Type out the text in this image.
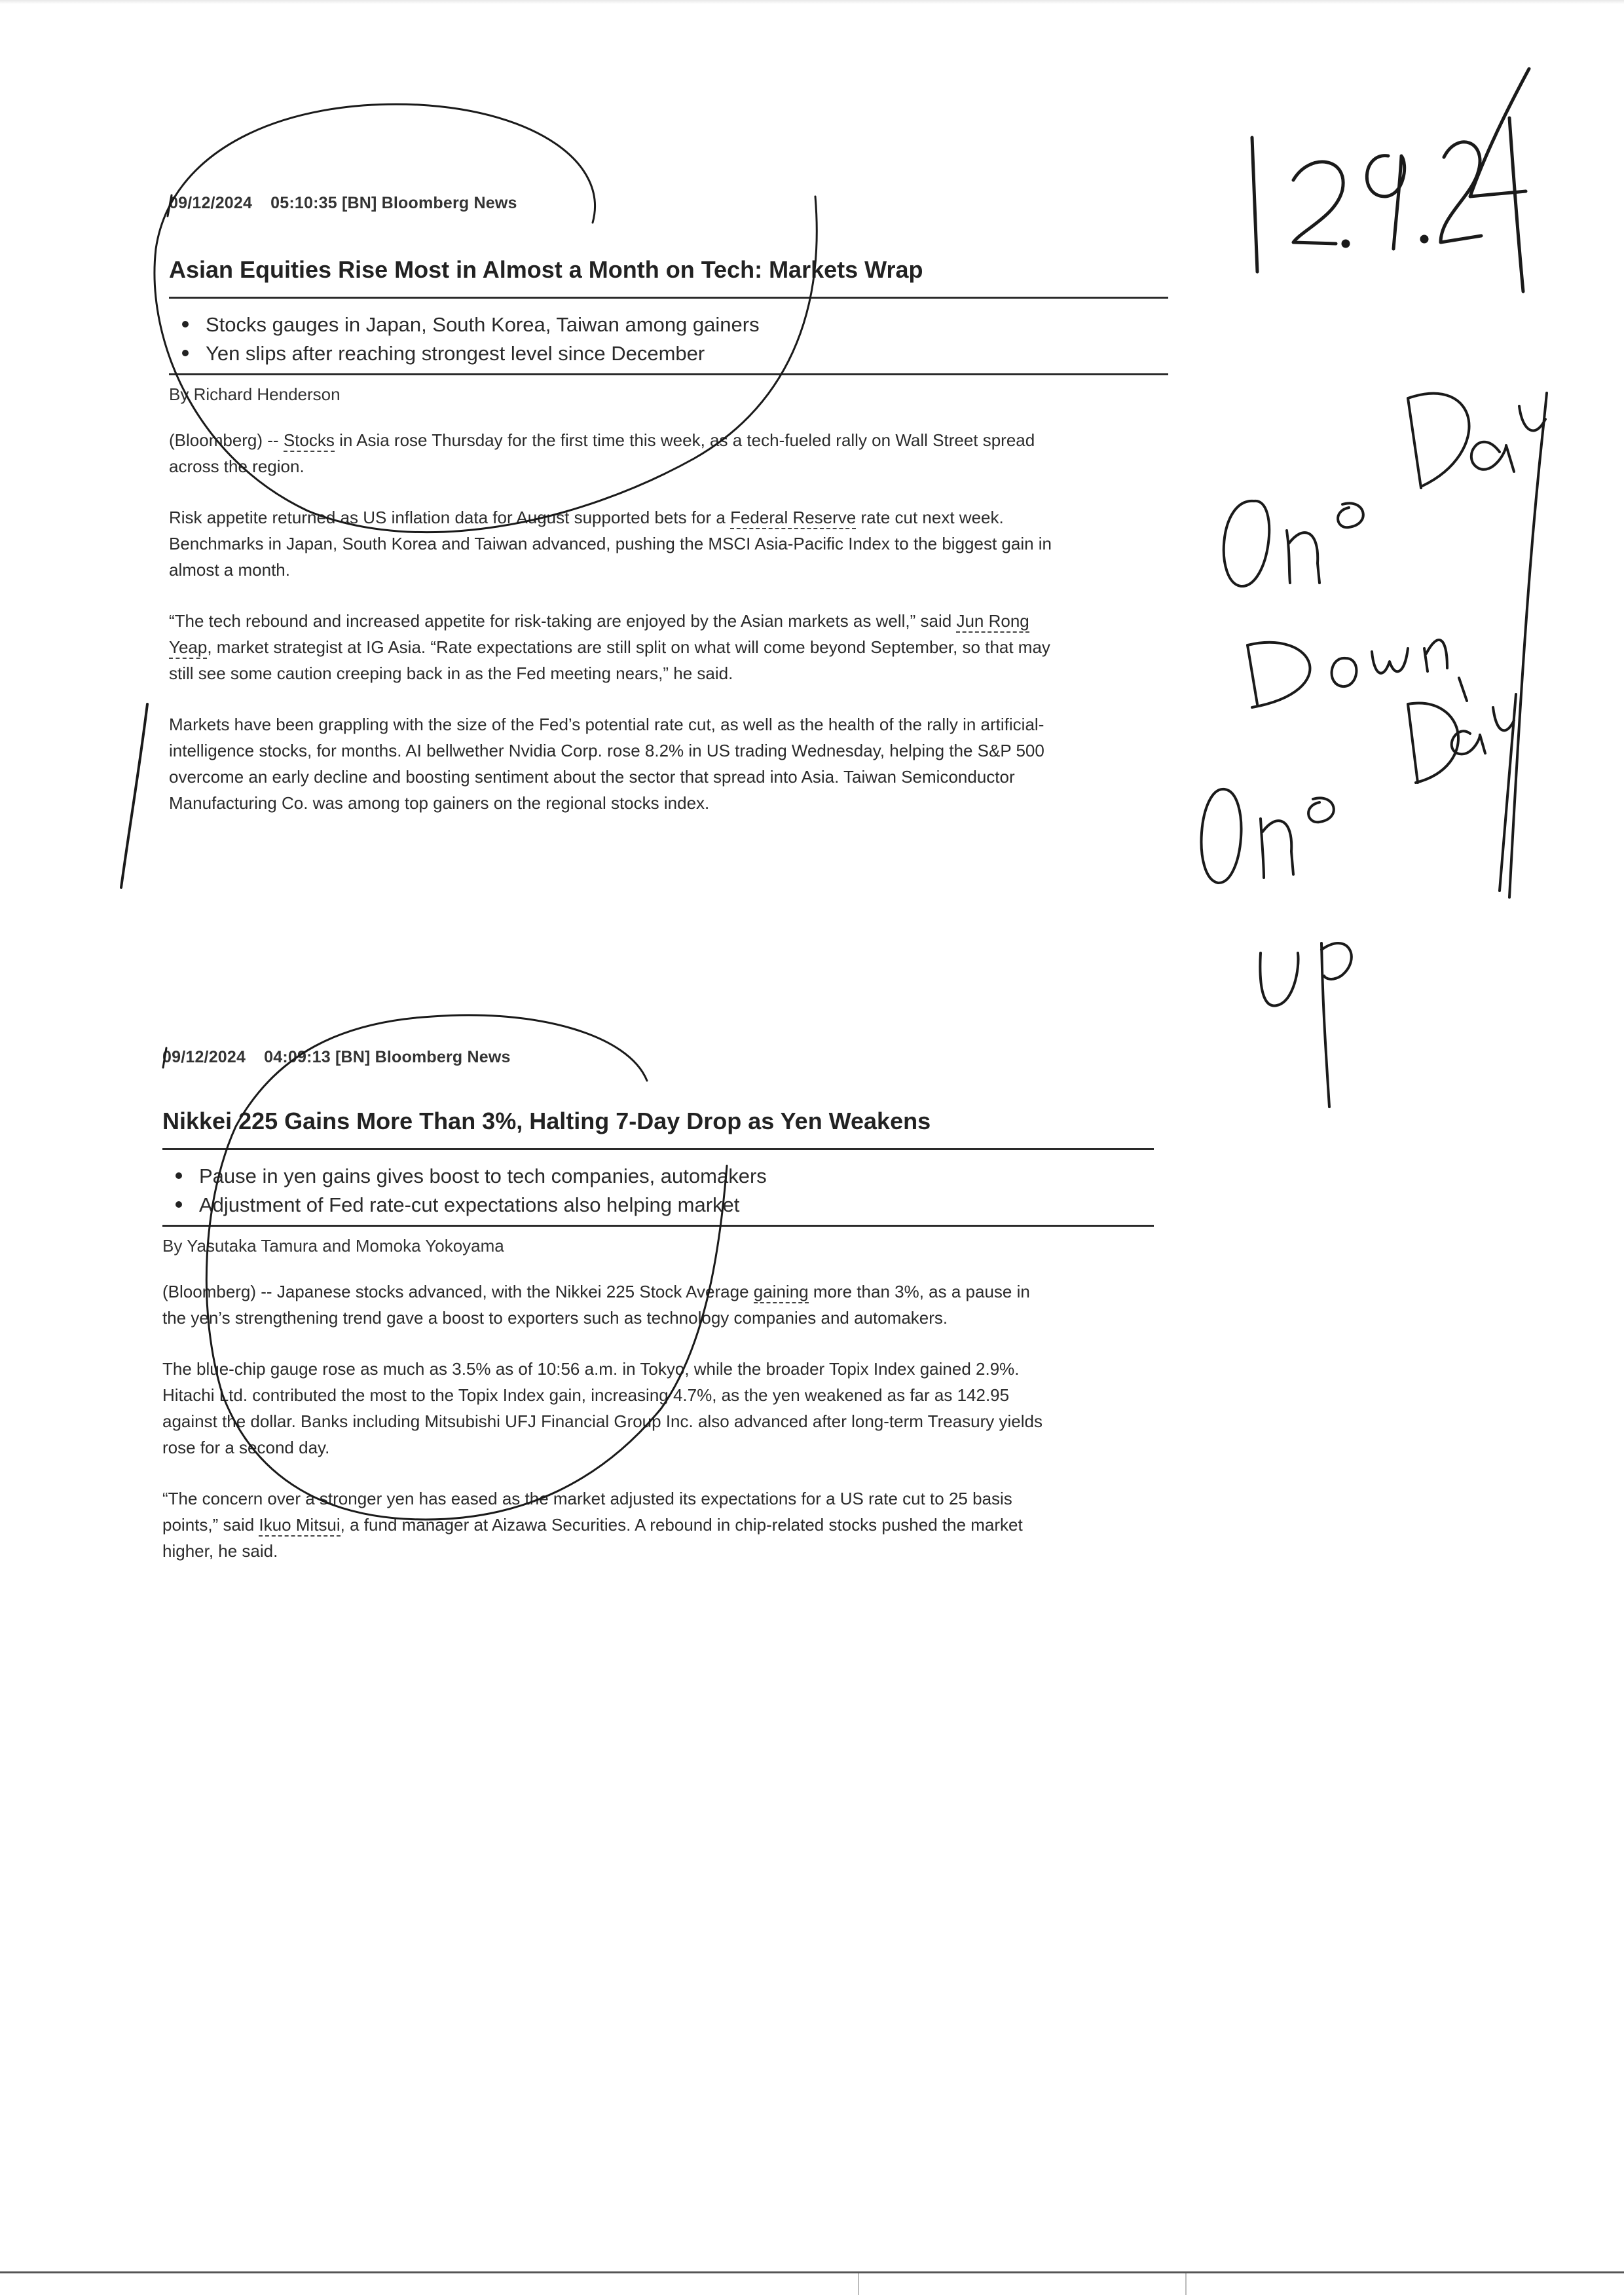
09/12/2024 05:10:35 [BN] Bloomberg News
Asian Equities Rise Most in Almost a Month on Tech: Markets Wrap
Stocks gauges in Japan, South Korea, Taiwan among gainers
Yen slips after reaching strongest level since December
By Richard Henderson

(Bloomberg) -- Stocks in Asia rose Thursday for the first time this week, as a tech-fueled rally on Wall Street spread
across the region.

Risk appetite returned as US inflation data for August supported bets for a Federal Reserve rate cut next week.
Benchmarks in Japan, South Korea and Taiwan advanced, pushing the MSCI Asia-Pacific Index to the biggest gain in
almost a month.

“The tech rebound and increased appetite for risk-taking are enjoyed by the Asian markets as well,” said Jun Rong
Yeap, market strategist at IG Asia. “Rate expectations are still split on what will come beyond September, so that may
still see some caution creeping back in as the Fed meeting nears,” he said.

Markets have been grappling with the size of the Fed’s potential rate cut, as well as the health of the rally in artificial-
intelligence stocks, for months. AI bellwether Nvidia Corp. rose 8.2% in US trading Wednesday, helping the S&P 500
overcome an early decline and boosting sentiment about the sector that spread into Asia. Taiwan Semiconductor
Manufacturing Co. was among top gainers on the regional stocks index.

09/12/2024 04:09:13 [BN] Bloomberg News
Nikkei 225 Gains More Than 3%, Halting 7-Day Drop as Yen Weakens
Pause in yen gains gives boost to tech companies, automakers
Adjustment of Fed rate-cut expectations also helping market
By Yasutaka Tamura and Momoka Yokoyama

(Bloomberg) -- Japanese stocks advanced, with the Nikkei 225 Stock Average gaining more than 3%, as a pause in
the yen’s strengthening trend gave a boost to exporters such as technology companies and automakers.

The blue-chip gauge rose as much as 3.5% as of 10:56 a.m. in Tokyo, while the broader Topix Index gained 2.9%.
Hitachi Ltd. contributed the most to the Topix Index gain, increasing 4.7%, as the yen weakened as far as 142.95
against the dollar. Banks including Mitsubishi UFJ Financial Group Inc. also advanced after long-term Treasury yields
rose for a second day.

“The concern over a stronger yen has eased as the market adjusted its expectations for a US rate cut to 25 basis
points,” said Ikuo Mitsui, a fund manager at Aizawa Securities. A rebound in chip-related stocks pushed the market
higher, he said.
